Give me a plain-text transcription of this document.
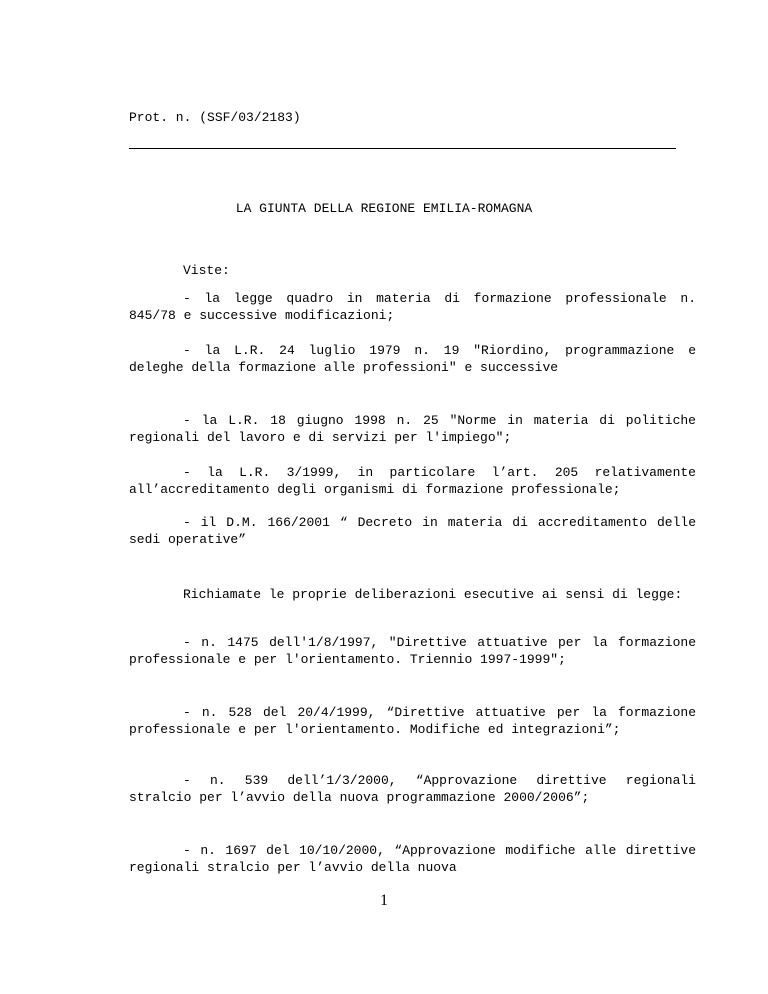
Prot. n. (SSF/03/2183)
LA GIUNTA DELLA REGIONE EMILIA-ROMAGNA
Viste:

- la legge quadro in materia di formazione professionale n. 845/78 e successive modificazioni;

- la L.R. 24 luglio 1979 n. 19 "Riordino, programmazione e deleghe della formazione alle professioni" e successive

- la L.R. 18 giugno 1998 n. 25 "Norme in materia di politiche regionali del lavoro e di servizi per l'impiego";

- la L.R. 3/1999, in particolare l’art. 205 relativamente all’accreditamento degli organismi di formazione professionale;

- il D.M. 166/2001 “ Decreto in materia di accreditamento delle sedi operative”

Richiamate le proprie deliberazioni esecutive ai sensi di legge:

- n. 1475 dell'1/8/1997, "Direttive attuative per la formazione professionale e per l'orientamento. Triennio 1997-1999";

- n. 528 del 20/4/1999, “Direttive attuative per la formazione professionale e per l'orientamento. Modifiche ed integrazioni”;

- n. 539 dell’1/3/2000, “Approvazione direttive regionali stralcio per l’avvio della nuova programmazione 2000/2006”;

- n. 1697 del 10/10/2000, “Approvazione modifiche alle direttive regionali stralcio per l’avvio della nuova

1
